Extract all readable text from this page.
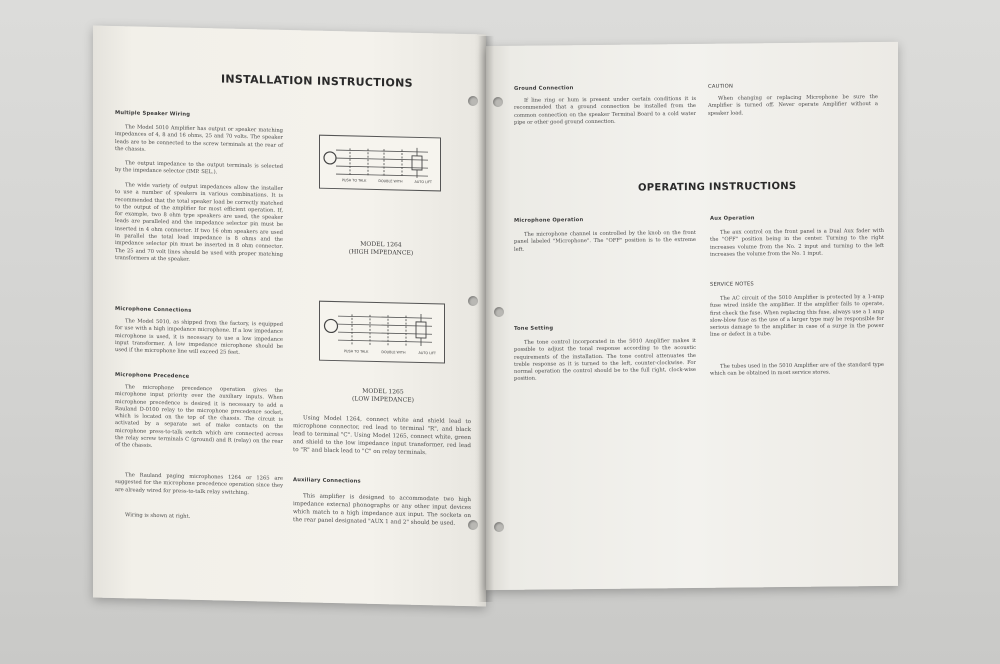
INSTALLATION INSTRUCTIONS
Multiple Speaker Wiring
The Model 5010 Amplifier has output or speaker matching impedances of 4, 8 and 16 ohms, 25 and 70 volts. The speaker leads are to be connected to the screw terminals at the rear of the chassis.
The output impedance to the output terminals is selected by the impedance selector (IMP. SEL.).
The wide variety of output impedances allow the installer to use a number of speakers in various combinations. It is recommended that the total speaker load be correctly matched to the output of the amplifier for most efficient operation. If, for example, two 8 ohm type speakers are used, the speaker leads are paralleled and the impedance selector pin must be inserted in 4 ohm connector. If two 16 ohm speakers are used in parallel the total load impedance is 8 ohms and the impedance selector pin must be inserted in 8 ohm connector. The 25 and 70 volt lines should be used with proper matching transformers at the speaker.
Microphone Connections
The Model 5010, as shipped from the factory, is equipped for use with a high impedance microphone. If a low impedance microphone is used, it is necessary to use a low impedance input transformer. A low impedance microphone should be used if the microphone line will exceed 25 feet.
Microphone Precedence
The microphone precedence operation gives the microphone input priority over the auxiliary inputs. When microphone precedence is desired it is necessary to add a Rauland D-0100 relay to the microphone precedence socket, which is located on the top of the chassis. The circuit is activated by a separate set of make contacts on the microphone press-to-talk switch which are connected across the relay screw terminals C (ground) and R (relay) on the rear of the chassis.
The Rauland paging microphones 1264 or 1265 are suggested for the microphone precedence operation since they are already wired for press-to-talk relay switching.
Wiring is shown at right.
PUSH TO TALK	DOUBLE WITH	AUTO LIFT
MODEL 1264
(HIGH IMPEDANCE)
PUSH TO TALK	DOUBLE WITH	AUTO LIFT
MODEL 1265
(LOW IMPEDANCE)
Using Model 1264, connect white and shield lead to microphone connector, red lead to terminal "R", and black lead to terminal "C". Using Model 1265, connect white, green and shield to the low impedance input transformer, red lead to "R" and black lead to "C" on relay terminals.
Auxiliary Connections
This amplifier is designed to accommodate two high impedance external phonographs or any other input devices which match to a high impedance aux input. The sockets on the rear panel designated "AUX 1 and 2" should be used.
Ground Connection
If line ring or hum is present under certain conditions it is recommended that a ground connection be installed from the common connection on the speaker Terminal Board to a cold water pipe or other good ground connection.
CAUTION
When changing or replacing Microphone be sure the Amplifier is turned off. Never operate Amplifier without a speaker load.
OPERATING INSTRUCTIONS
Microphone Operation
The microphone channel is controlled by the knob on the front panel labeled "Microphone". The "OFF" position is to the extreme left.
Aux Operation
The aux control on the front panel is a Dual Aux fader with the "OFF" position being in the center. Turning to the right increases volume from the No. 2 input and turning to the left increases the volume from the No. 1 input.
SERVICE NOTES
The AC circuit of the 5010 Amplifier is protected by a 1-amp fuse wired inside the amplifier. If the amplifier fails to operate, first check the fuse. When replacing this fuse, always use a 1 amp slow-blow fuse as the use of a larger type may be responsible for serious damage to the amplifier in case of a surge in the power line or defect in a tube.
The tubes used in the 5010 Amplifier are of the standard type which can be obtained in most service stores.
Tone Setting
The tone control incorporated in the 5010 Amplifier makes it possible to adjust the tonal response according to the acoustic requirements of the installation. The tone control attenuates the treble response as it is turned to the left, counter-clockwise. For normal operation the control should be to the full right, clock-wise position.
